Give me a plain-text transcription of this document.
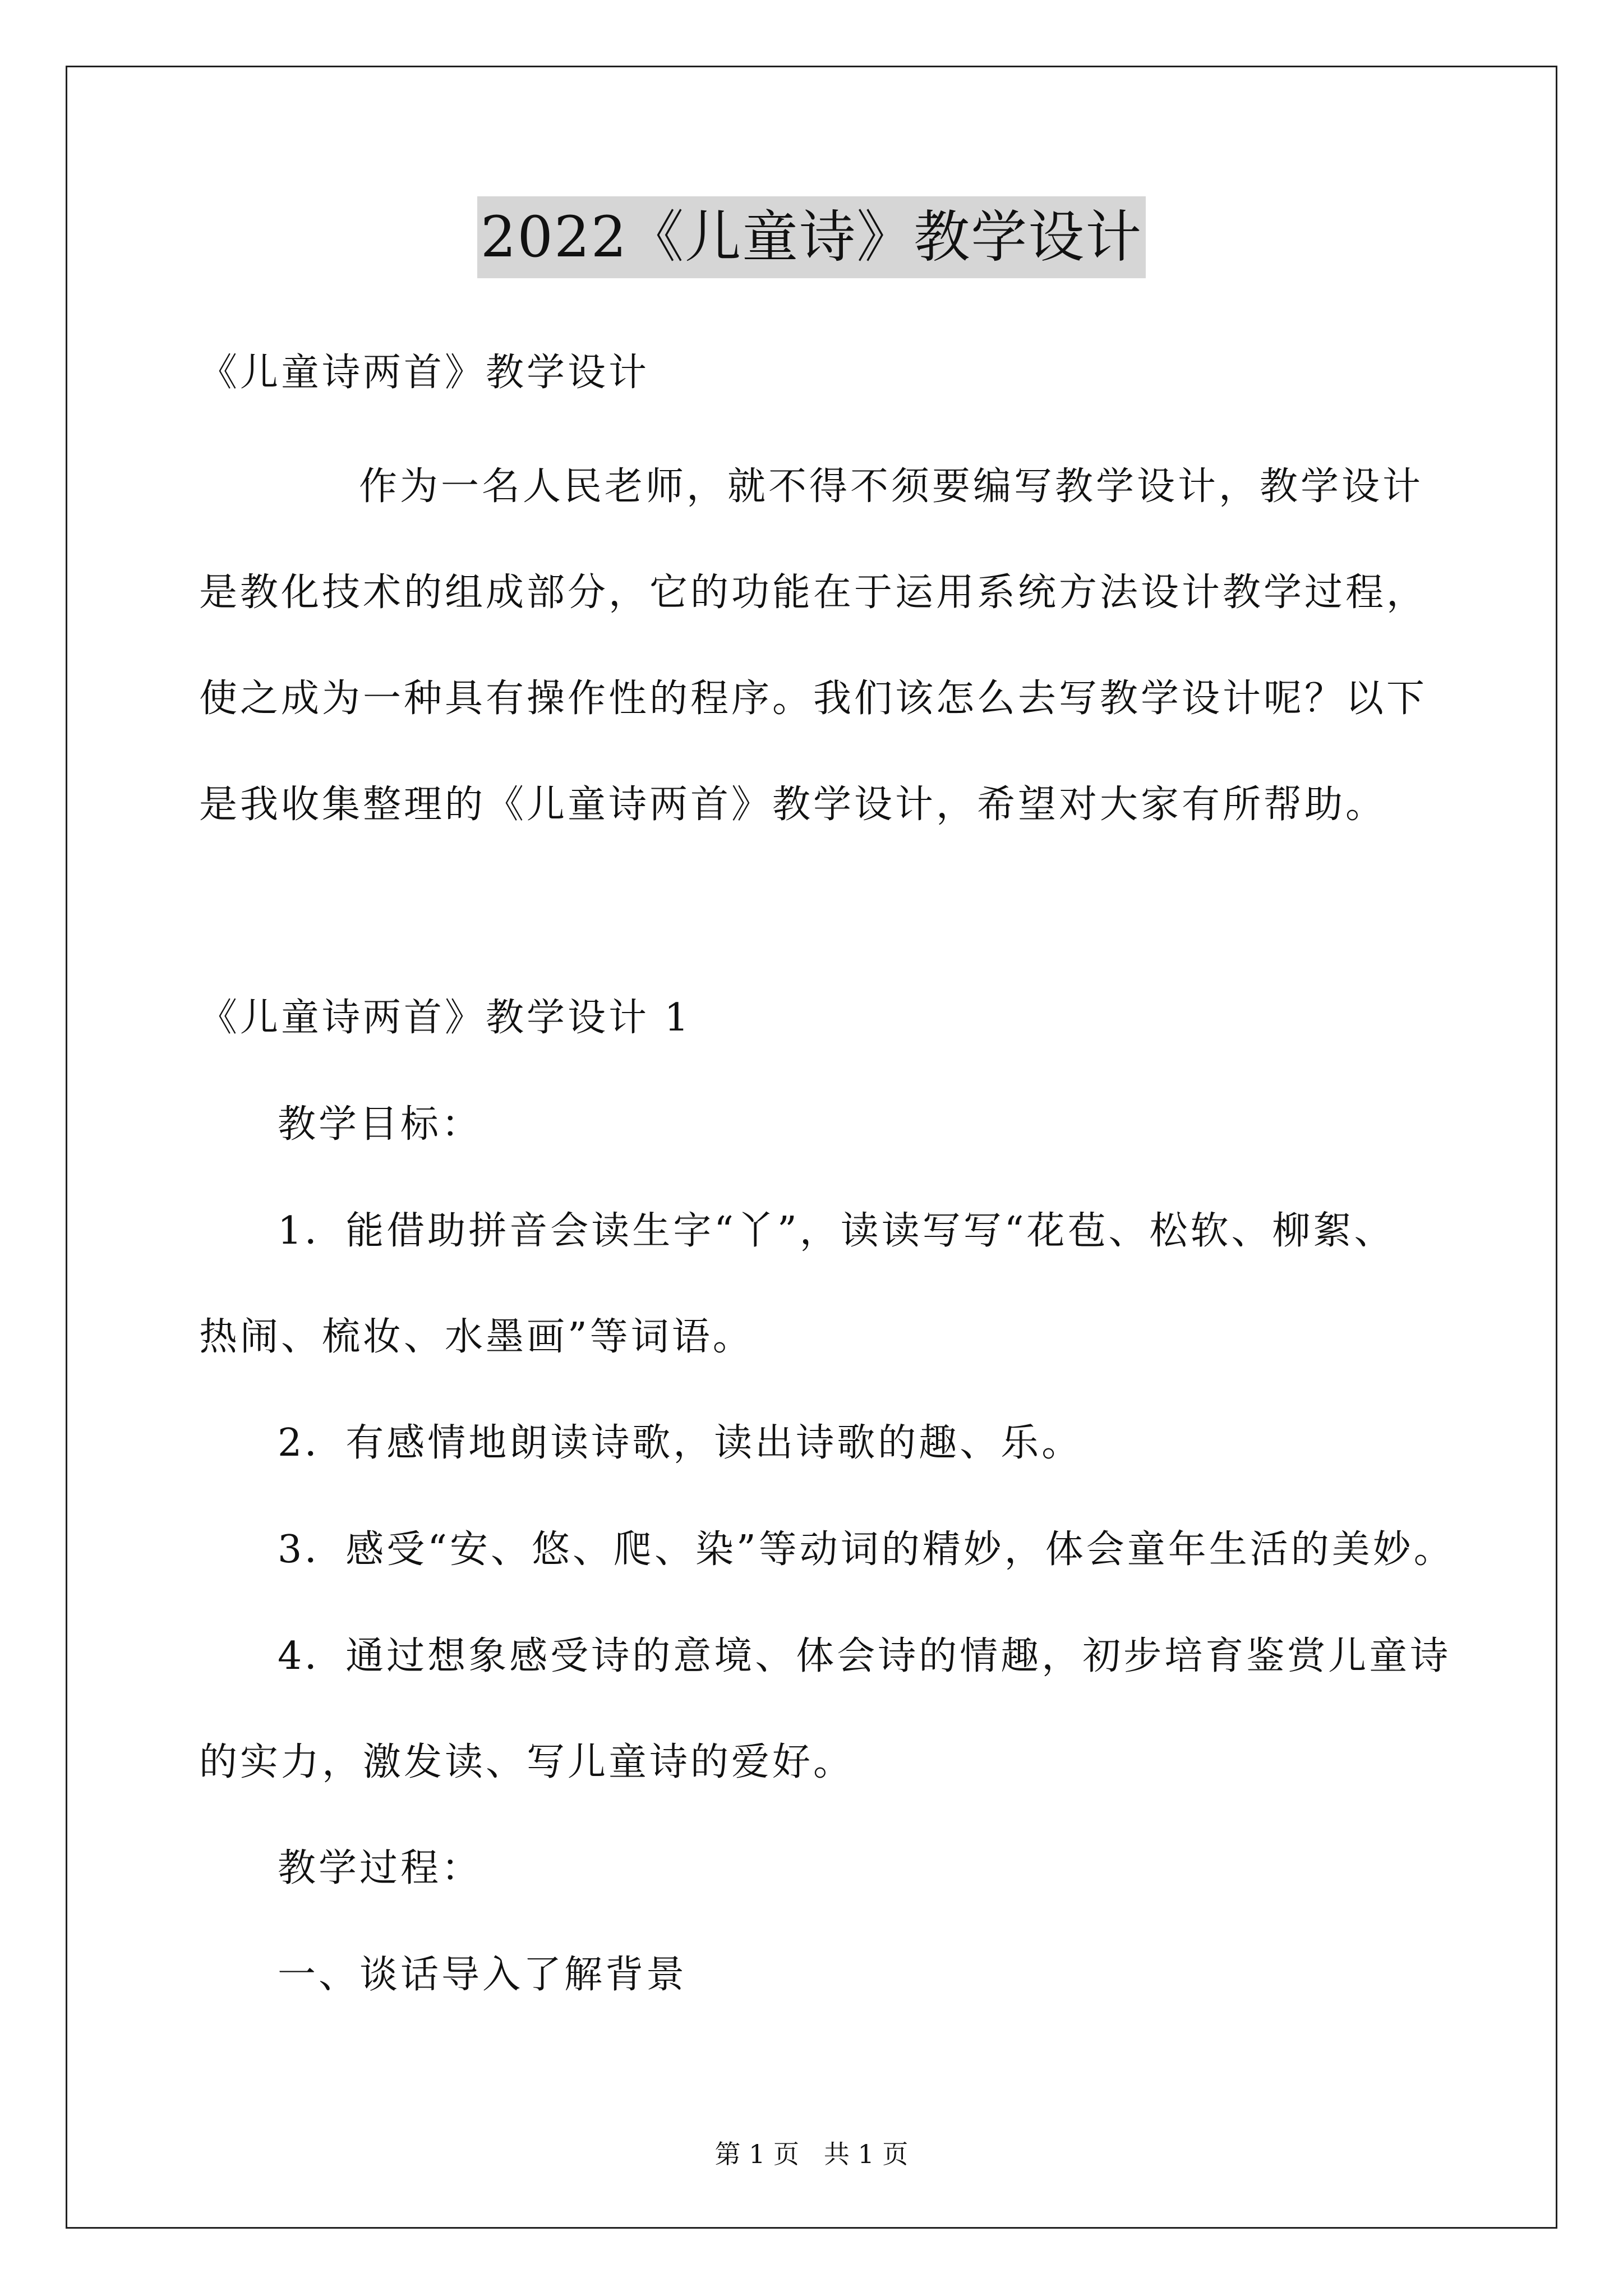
2022《儿童诗》教学设计
《儿童诗两首》教学设计
作为一名人民老师，就不得不须要编写教学设计，教学设计
是教化技术的组成部分，它的功能在于运用系统方法设计教学过程，
使之成为一种具有操作性的程序。我们该怎么去写教学设计呢？以下
是我收集整理的《儿童诗两首》教学设计，希望对大家有所帮助。
《儿童诗两首》教学设计 1
教学目标：
1．能借助拼音会读生字“丫”，读读写写“花苞、松软、柳絮、
热闹、梳妆、水墨画”等词语。
2．有感情地朗读诗歌，读出诗歌的趣、乐。
3．感受“安、悠、爬、染”等动词的精妙，体会童年生活的美妙。
4．通过想象感受诗的意境、体会诗的情趣，初步培育鉴赏儿童诗
的实力，激发读、写儿童诗的爱好。
教学过程：
一、谈话导入了解背景
第 1 页   共 1 页
